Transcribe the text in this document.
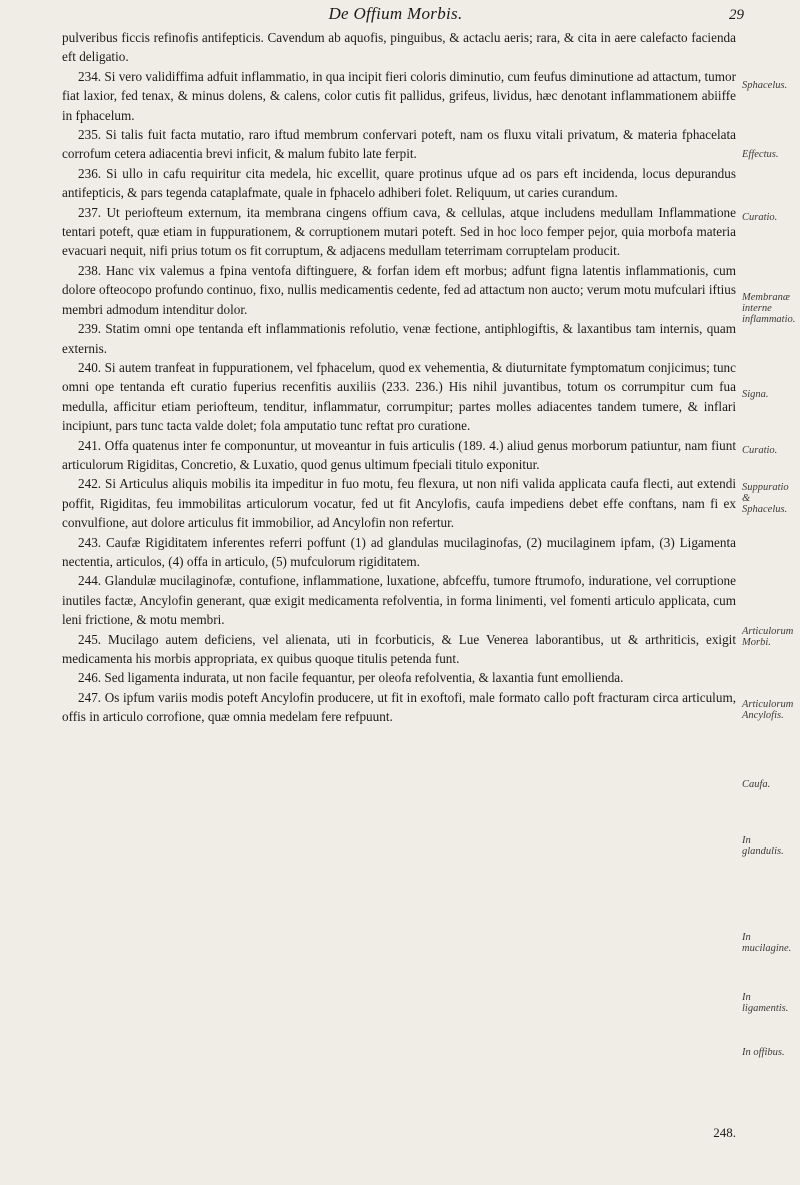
De Offium Morbis.	29

pulveribus ficcis refinofis antifepticis. Cavendum ab aquofis, pinguibus, & actaclu aeris; rara, & cita in aere calefacto facienda eft deligatio.

234. Si vero validiffima adfuit inflammatio, in qua incipit fieri coloris diminutio, cum feufus diminutione ad attactum, tumor fiat laxior, fed tenax, & minus dolens, & calens, color cutis fit pallidus, grifeus, lividus, hæc denotant inflammationem abiiffe in fphacelum.

235. Si talis fuit facta mutatio, raro iftud membrum confervari poteft, nam os fluxu vitali privatum, & materia fphacelata corrofum cetera adiacentia brevi inficit, & malum fubito late ferpit.

236. Si ullo in cafu requiritur cita medela, hic excellit, quare protinus ufque ad os pars eft incidenda, locus depurandus antifepticis, & pars tegenda cataplafmate, quale in fphacelo adhiberi folet. Reliquum, ut caries curandum.

237. Ut periofteum externum, ita membrana cingens offium cava, & cellulas, atque includens medullam Inflammatione tentari poteft, quæ etiam in fuppurationem, & corruptionem mutari poteft. Sed in hoc loco femper pejor, quia morbofa materia evacuari nequit, nifi prius totum os fit corruptum, & adjacens medullam teterrimam corruptelam producit.

238. Hanc vix valemus a fpina ventofa diftinguere, & forfan idem eft morbus; adfunt figna latentis inflammationis, cum dolore ofteocopo profundo continuo, fixo, nullis medicamentis cedente, fed ad attactum non aucto; verum motu mufculari iftius membri admodum intenditur dolor.

239. Statim omni ope tentanda eft inflammationis refolutio, venæ fectione, antiphlogiftis, & laxantibus tam internis, quam externis.

240. Si autem tranfeat in fuppurationem, vel fphacelum, quod ex vehementia, & diuturnitate fymptomatum conjicimus; tunc omni ope tentanda eft curatio fuperius recenfitis auxiliis (233. 236.) His nihil juvantibus, totum os corrumpitur cum fua medulla, afficitur etiam periofteum, tenditur, inflammatur, corrumpitur; partes molles adiacentes tandem tumere, & inflari incipiunt, pars tunc tacta valde dolet; fola amputatio tunc reftat pro curatione.

241. Offa quatenus inter fe componuntur, ut moveantur in fuis articulis (189. 4.) aliud genus morborum patiuntur, nam fiunt articulorum Rigiditas, Concretio, & Luxatio, quod genus ultimum fpeciali titulo exponitur.

242. Si Articulus aliquis mobilis ita impeditur in fuo motu, feu flexura, ut non nifi valida applicata caufa flecti, aut extendi poffit, Rigiditas, feu immobilitas articulorum vocatur, fed ut fit Ancylofis, caufa impediens debet effe conftans, nam fi ex convulfione, aut dolore articulus fit immobilior, ad Ancylofin non refertur.

243. Caufæ Rigiditatem inferentes referri poffunt (1) ad glandulas mucilaginofas, (2) mucilaginem ipfam, (3) Ligamenta nectentia, articulos, (4) offa in articulo, (5) mufculorum rigiditatem.

244. Glandulæ mucilaginofæ, contufione, inflammatione, luxatione, abfceffu, tumore ftrumofo, induratione, vel corruptione inutiles factæ, Ancylofin generant, quæ exigit medicamenta refolventia, in forma linimenti, vel fomenti articulo applicata, cum leni frictione, & motu membri.

245. Mucilago autem deficiens, vel alienata, uti in fcorbuticis, & Lue Venerea laborantibus, ut & arthriticis, exigit medicamenta his morbis appropriata, ex quibus quoque titulis petenda funt.

246. Sed ligamenta indurata, ut non facile fequantur, per oleofa refolventia, & laxantia funt emollienda.

247. Os ipfum variis modis poteft Ancylofin producere, ut fit in exoftofi, male formato callo poft fracturam circa articulum, offis in articulo corrofione, quæ omnia medelam fere refpuunt.

Sphacelus.
Effectus.
Curatio.
Membranæ interne inflammatio.
Signa.
Curatio.
Suppuratio & Sphacelus.
Articulorum Morbi.
Articulorum Ancylofis.
Caufa.
In glandulis.
In mucilagine.
In ligamentis.
In offibus.
248.
